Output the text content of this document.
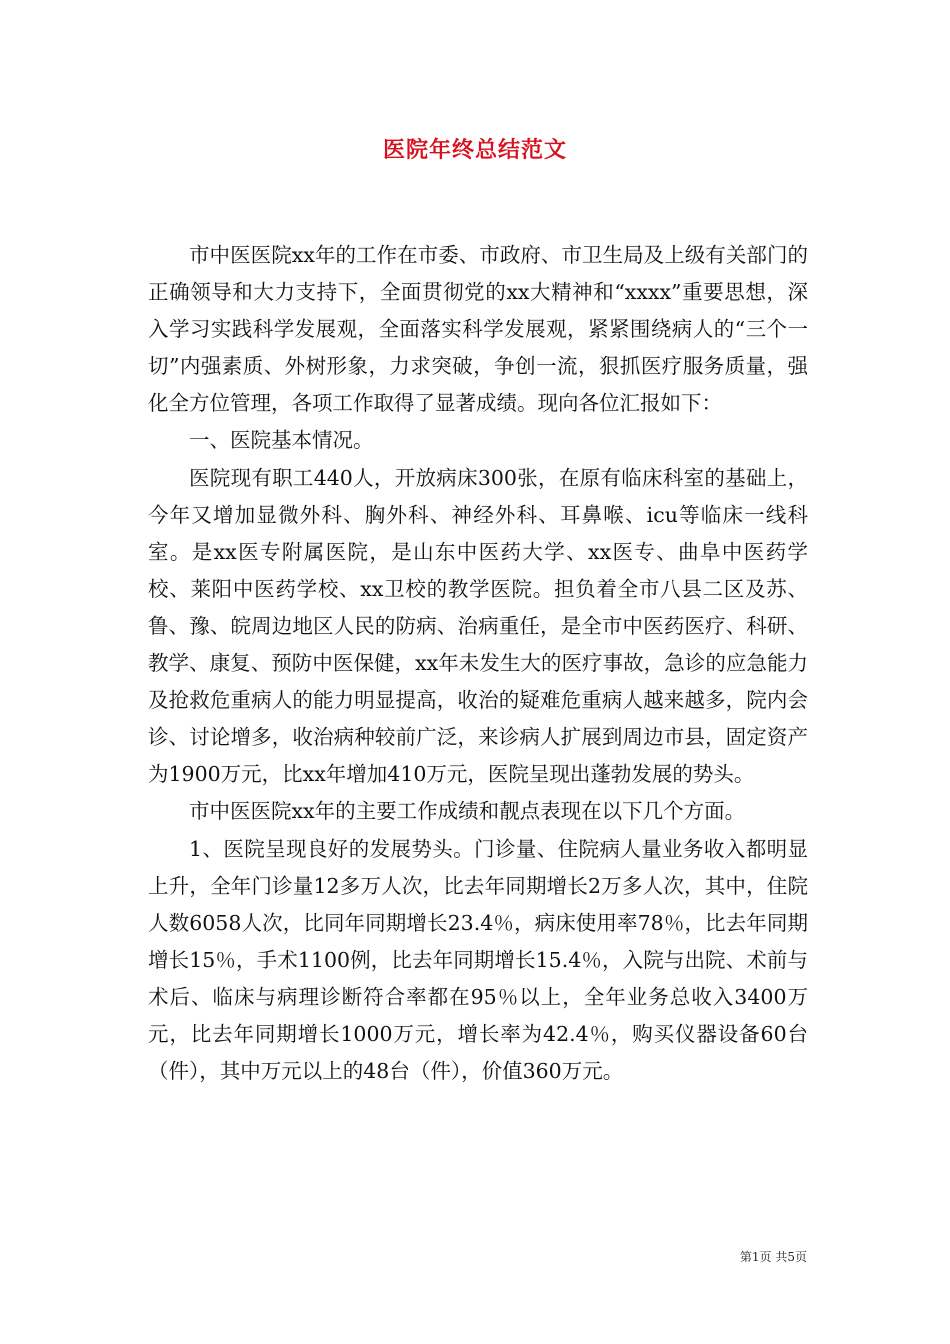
医院年终总结范文

市中医医院xx年的工作在市委、市政府、市卫生局及上级有关部门的正确领导和大力支持下，全面贯彻党的xx大精神和“xxxx”重要思想，深入学习实践科学发展观，全面落实科学发展观，紧紧围绕病人的“三个一切”内强素质、外树形象，力求突破，争创一流，狠抓医疗服务质量，强化全方位管理，各项工作取得了显著成绩。现向各位汇报如下：

一、医院基本情况。

医院现有职工440人，开放病床300张，在原有临床科室的基础上，今年又增加显微外科、胸外科、神经外科、耳鼻喉、icu等临床一线科室。是xx医专附属医院，是山东中医药大学、xx医专、曲阜中医药学校、莱阳中医药学校、xx卫校的教学医院。担负着全市八县二区及苏、鲁、豫、皖周边地区人民的防病、治病重任，是全市中医药医疗、科研、教学、康复、预防中医保健，xx年未发生大的医疗事故，急诊的应急能力及抢救危重病人的能力明显提高，收治的疑难危重病人越来越多，院内会诊、讨论增多，收治病种较前广泛，来诊病人扩展到周边市县，固定资产为1900万元，比xx年增加410万元，医院呈现出蓬勃发展的势头。

市中医医院xx年的主要工作成绩和靓点表现在以下几个方面。

1、医院呈现良好的发展势头。门诊量、住院病人量业务收入都明显上升，全年门诊量12多万人次，比去年同期增长2万多人次，其中，住院人数6058人次，比同年同期增长23.4％，病床使用率78％，比去年同期增长15％，手术1100例，比去年同期增长15.4％，入院与出院、术前与术后、临床与病理诊断符合率都在95％以上，全年业务总收入3400万元，比去年同期增长1000万元，增长率为42.4％，购买仪器设备60台（件），其中万元以上的48台（件），价值360万元。

第1页 共5页
